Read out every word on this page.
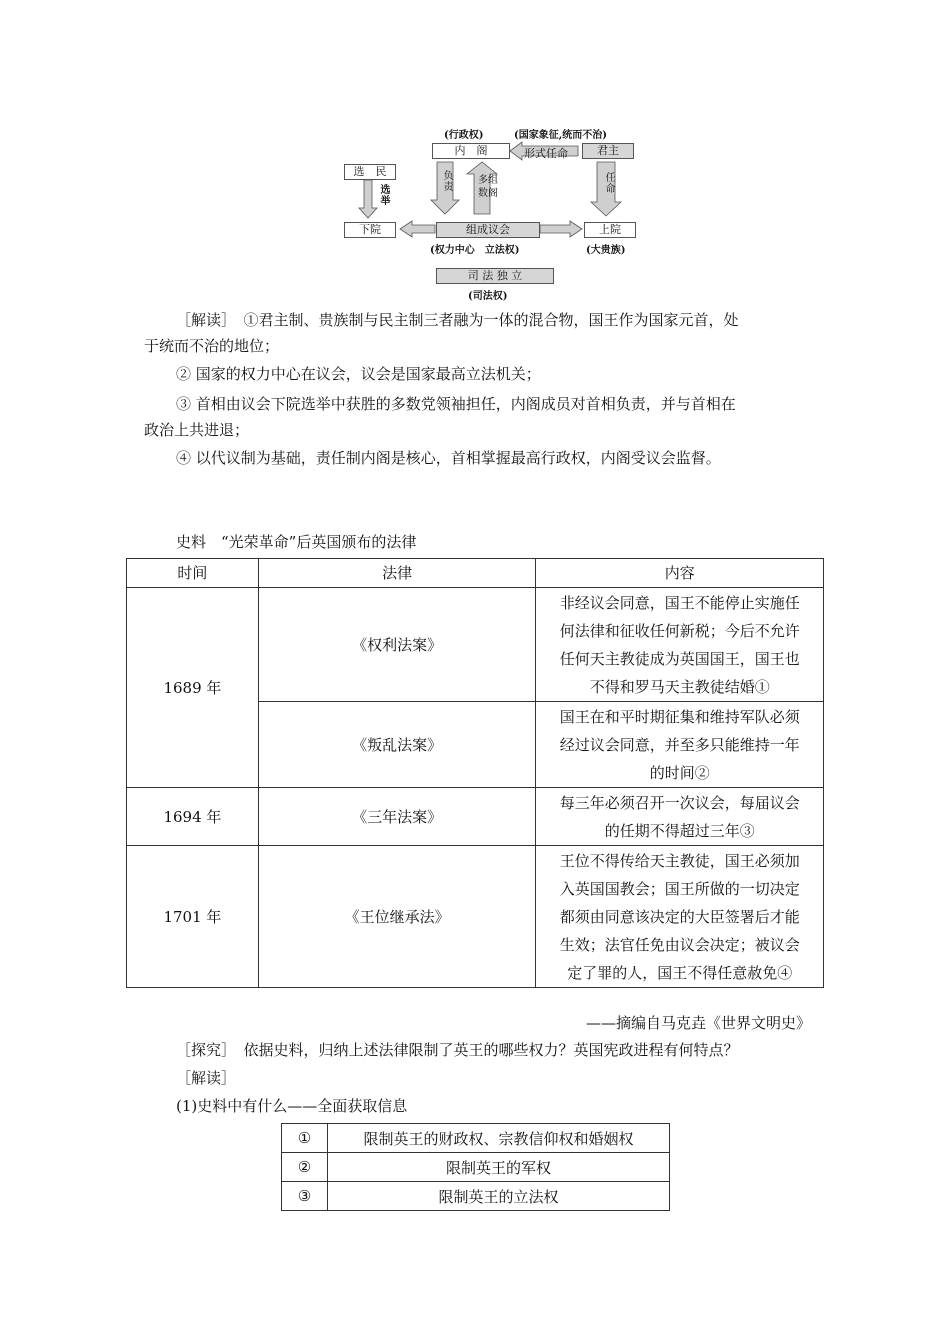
(行政权)	(国家象征,统而不治)
内　阁	形式任命	君主
选　民
选举
负责	多组数阁	任命
下院	组成议会	上院
(权力中心　立法权)	(大贵族)
司 法 独 立
(司法权)
［解读］　①君主制、贵族制与民主制三者融为一体的混合物，国王作为国家元首，处
于统而不治的地位；
② 国家的权力中心在议会，议会是国家最高立法机关；
③ 首相由议会下院选举中获胜的多数党领袖担任，内阁成员对首相负责，并与首相在
政治上共进退；
④ 以代议制为基础，责任制内阁是核心，首相掌握最高行政权，内阁受议会监督。
史料　“光荣革命”后英国颁布的法律
时间	法律	内容
1689 年	《权利法案》	非经议会同意，国王不能停止实施任
何法律和征收任何新税；今后不允许
任何天主教徒成为英国国王，国王也
不得和罗马天主教徒结婚①

	《叛乱法案》	国王在和平时期征集和维持军队必须
经过议会同意，并至多只能维持一年
的时间②

1694 年	《三年法案》	每三年必须召开一次议会，每届议会
的任期不得超过三年③

1701 年	《王位继承法》	王位不得传给天主教徒，国王必须加
入英国国教会；国王所做的一切决定
都须由同意该决定的大臣签署后才能
生效；法官任免由议会决定；被议会
定了罪的人，国王不得任意赦免④
——摘编自马克垚《世界文明史》
［探究］　依据史料，归纳上述法律限制了英王的哪些权力？英国宪政进程有何特点？
［解读］
(1)史料中有什么——全面获取信息
①	限制英王的财政权、宗教信仰权和婚姻权
②	限制英王的军权
③	限制英王的立法权
